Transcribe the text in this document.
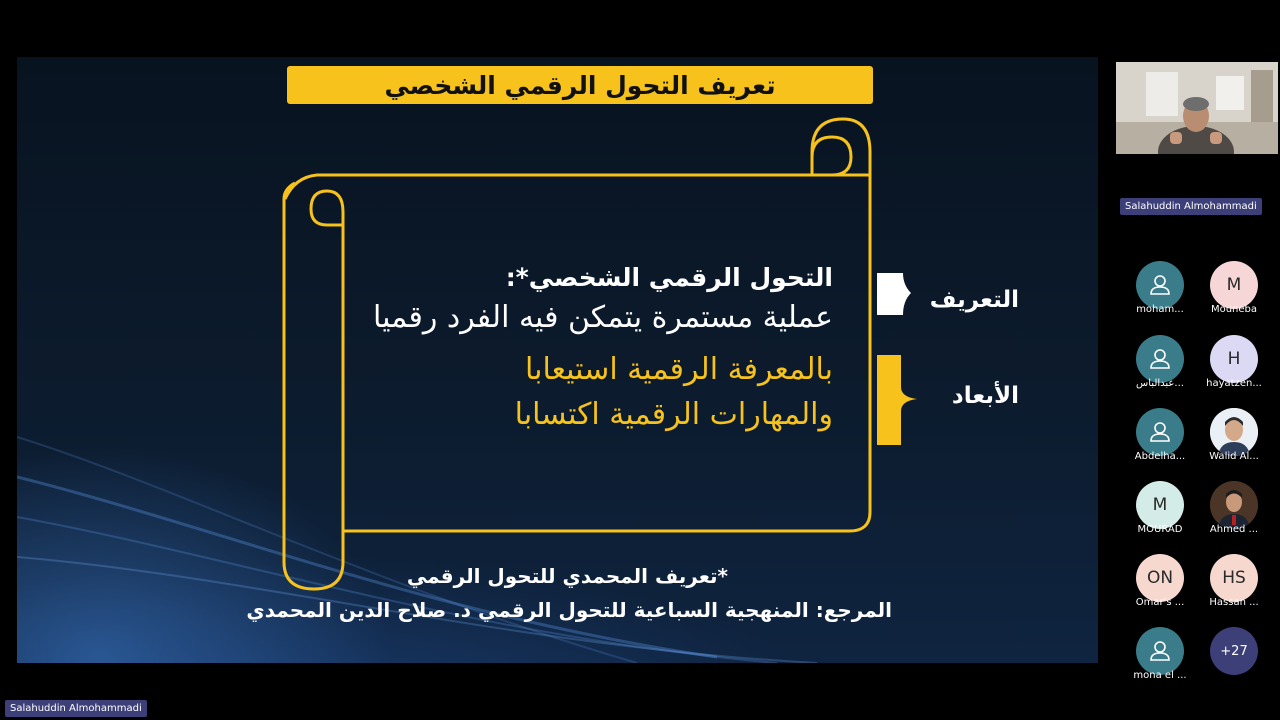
تعريف التحول الرقمي الشخصي
التحول الرقمي الشخصي*:
عملية مستمرة يتمكن فيه الفرد رقميا
بالمعرفة الرقمية استيعابا
والمهارات الرقمية اكتسابا
التعريف
الأبعاد
*تعريف المحمدي للتحول الرقمي
المرجع: المنهجية السباعية للتحول الرقمي د. صلاح الدين المحمدي
Salahuddin Almohammadi
moham...
M
Mouneba
عبدالباس...
H
hayatzen...
Abdelha...	Walid Al...
M
MOURAD	Ahmed ...
ON
Omar's ...
HS
Hassan ...
mona el ...
+27
Salahuddin Almohammadi
